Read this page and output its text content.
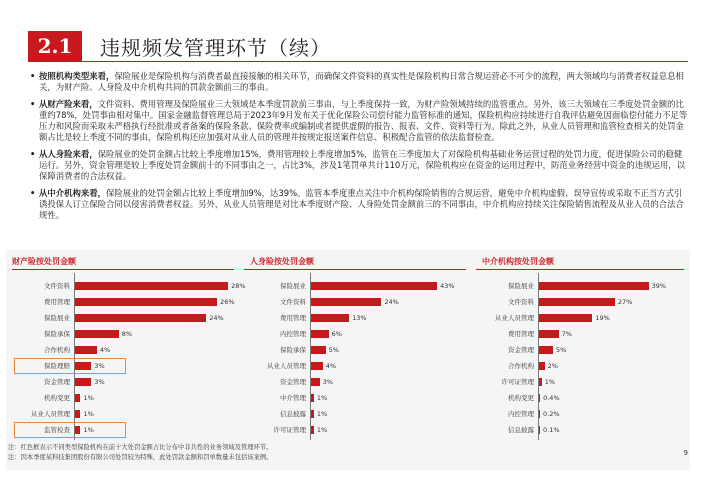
2.1	违规频发管理环节（续）
• 按照机构类型来看，保险展业是保险机构与消费者最直接接触的相关环节，而确保文件资料的真实性是保险机构日常合规运营必不可少的流程，两大领域均与消费者权益息息相关，为财产险、人身险及中介机构共同的罚款金额前三的事由。
• 从财产险来看，文件资料、费用管理及保险展业三大领域是本季度罚款前三事由，与上季度保持一致，为财产险领域持续的监管重点。另外，该三大领域在三季度处罚金额的比重约78%，处罚事由相对集中。国家金融监督管理总局于2023年9月发布关于优化保险公司偿付能力监管标准的通知，保险机构应持续进行自我评估避免因面临偿付能力不足等压力和风险而采取未严格执行经批准或者备案的保险条款、保险费率或编制或者提供虚假的报告、报表、文件、资料等行为。除此之外，从业人员管理和监管检查相关的处罚金额占比是较上季度不同的事由，保险机构还应加强对从业人员的管理并按规定报送案件信息、积极配合监管的依法监督检查。
• 从人身险来看，保险展业的处罚金额占比较上季度增加15%，费用管理较上季度增加5%，监管在三季度加大了对保险机构基础业务运营过程的处罚力度，促进保险公司的稳健运行。另外，资金管理是较上季度处罚金额前十的不同事由之一，占比3%，涉及1笔罚单共计110万元，保险机构应在资金的运用过程中，防范业务经营中资金的违规运用，以保障消费者的合法权益。
• 从中介机构来看，保险展业的处罚金额占比较上季度增加9%，达39%。监管本季度重点关注中介机构保险销售的合规运营，避免中介机构虚假、误导宣传或采取不正当方式引诱投保人订立保险合同以侵害消费者权益。另外，从业人员管理是对比本季度财产险、人身险处罚金额前三的不同事由，中介机构应持续关注保险销售流程及从业人员的合法合规性。
财产险按处罚金额
文件资料	28%
费用管理	26%
保险展业	24%
保险承保	8%
合作机构	4%
保险理赔	3%
资金管理	3%
机构变更	1%
从业人员管理	1%
监管检查	1%
人身险按处罚金额
保险展业	43%
文件资料	24%
费用管理	13%
内控管理	6%
保险承保	5%
从业人员管理	4%
资金管理	3%
中介管理	1%
信息披露	1%
许可证管理	1%
中介机构按处罚金额
保险展业	39%
文件资料	27%
从业人员管理	19%
费用管理	7%
资金管理	5%
合作机构	2%
许可证管理	1%
机构变更	0.4%
内控管理	0.2%
信息披露	0.1%
注：红色框表示不同类型保险机构在前十大处罚金额占比分布中非共性的业务领域及管理环节。
注：因本季度某科技集团股份有限公司处罚较为特殊，此处罚款金额和罚单数量未包括该案例。
9
